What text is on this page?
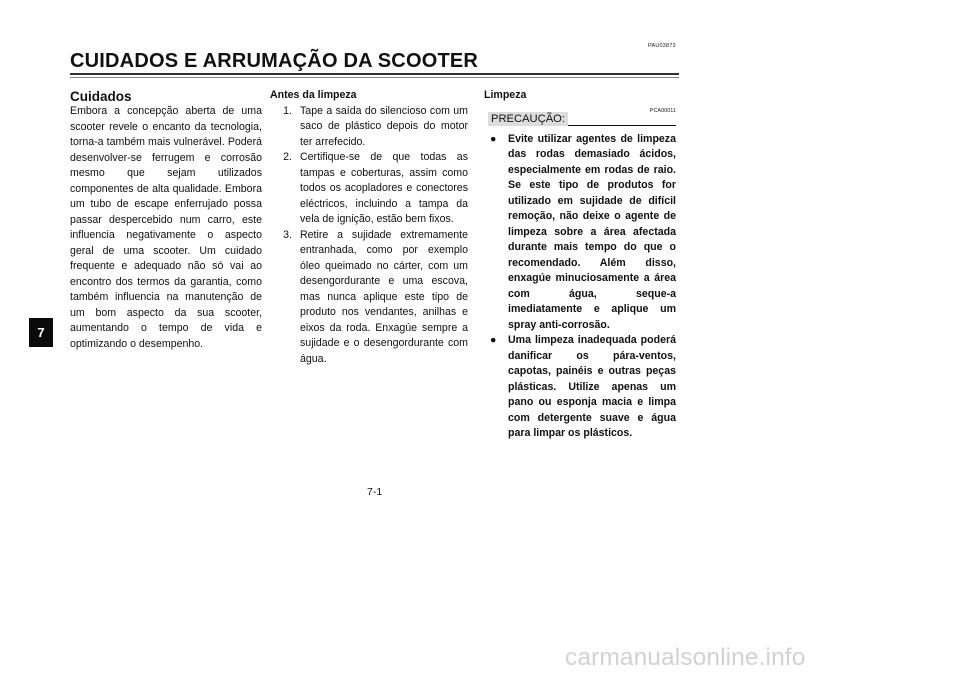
PAU03873
CUIDADOS E ARRUMAÇÃO DA SCOOTER
7
Cuidados
Embora a concepção aberta de uma scooter revele o encanto da tecnologia, torna-a também mais vulnerável. Poderá desenvolver-se ferrugem e corrosão mesmo que sejam utilizados componentes de alta qualidade. Embora um tubo de escape enferrujado possa passar despercebido num carro, este influencia negativamente o aspecto geral de uma scooter. Um cuidado frequente e adequado não só vai ao encontro dos termos da garantia, como também influencia na manutenção de um bom aspecto da sua scooter, aumentando o tempo de vida e optimizando o desempenho.
Antes da limpeza
1. Tape a saída do silencioso com um saco de plástico depois do motor ter arrefecido.
2. Certifique-se de que todas as tampas e coberturas, assim como todos os acopladores e conectores eléctricos, incluindo a tampa da vela de ignição, estão bem fixos.
3. Retire a sujidade extremamente entranhada, como por exemplo óleo queimado no cárter, com um desengordurante e uma escova, mas nunca aplique este tipo de produto nos vendantes, anilhas e eixos da roda. Enxagúe sempre a sujidade e o desengordurante com água.
Limpeza
PCA00011
PRECAUÇÃO:
●	Evite utilizar agentes de limpeza das rodas demasiado ácidos, especialmente em rodas de raio. Se este tipo de produtos for utilizado em sujidade de difícil remoção, não deixe o agente de limpeza sobre a área afectada durante mais tempo do que o recomendado. Além disso, enxagúe minuciosamente a área com água, seque-a imediatamente e aplique um spray anti-corrosão.
●	Uma limpeza inadequada poderá danificar os pára-ventos, capotas, painéis e outras peças plásticas. Utilize apenas um pano ou esponja macia e limpa com detergente suave e água para limpar os plásticos.
7-1
carmanualsonline.info
